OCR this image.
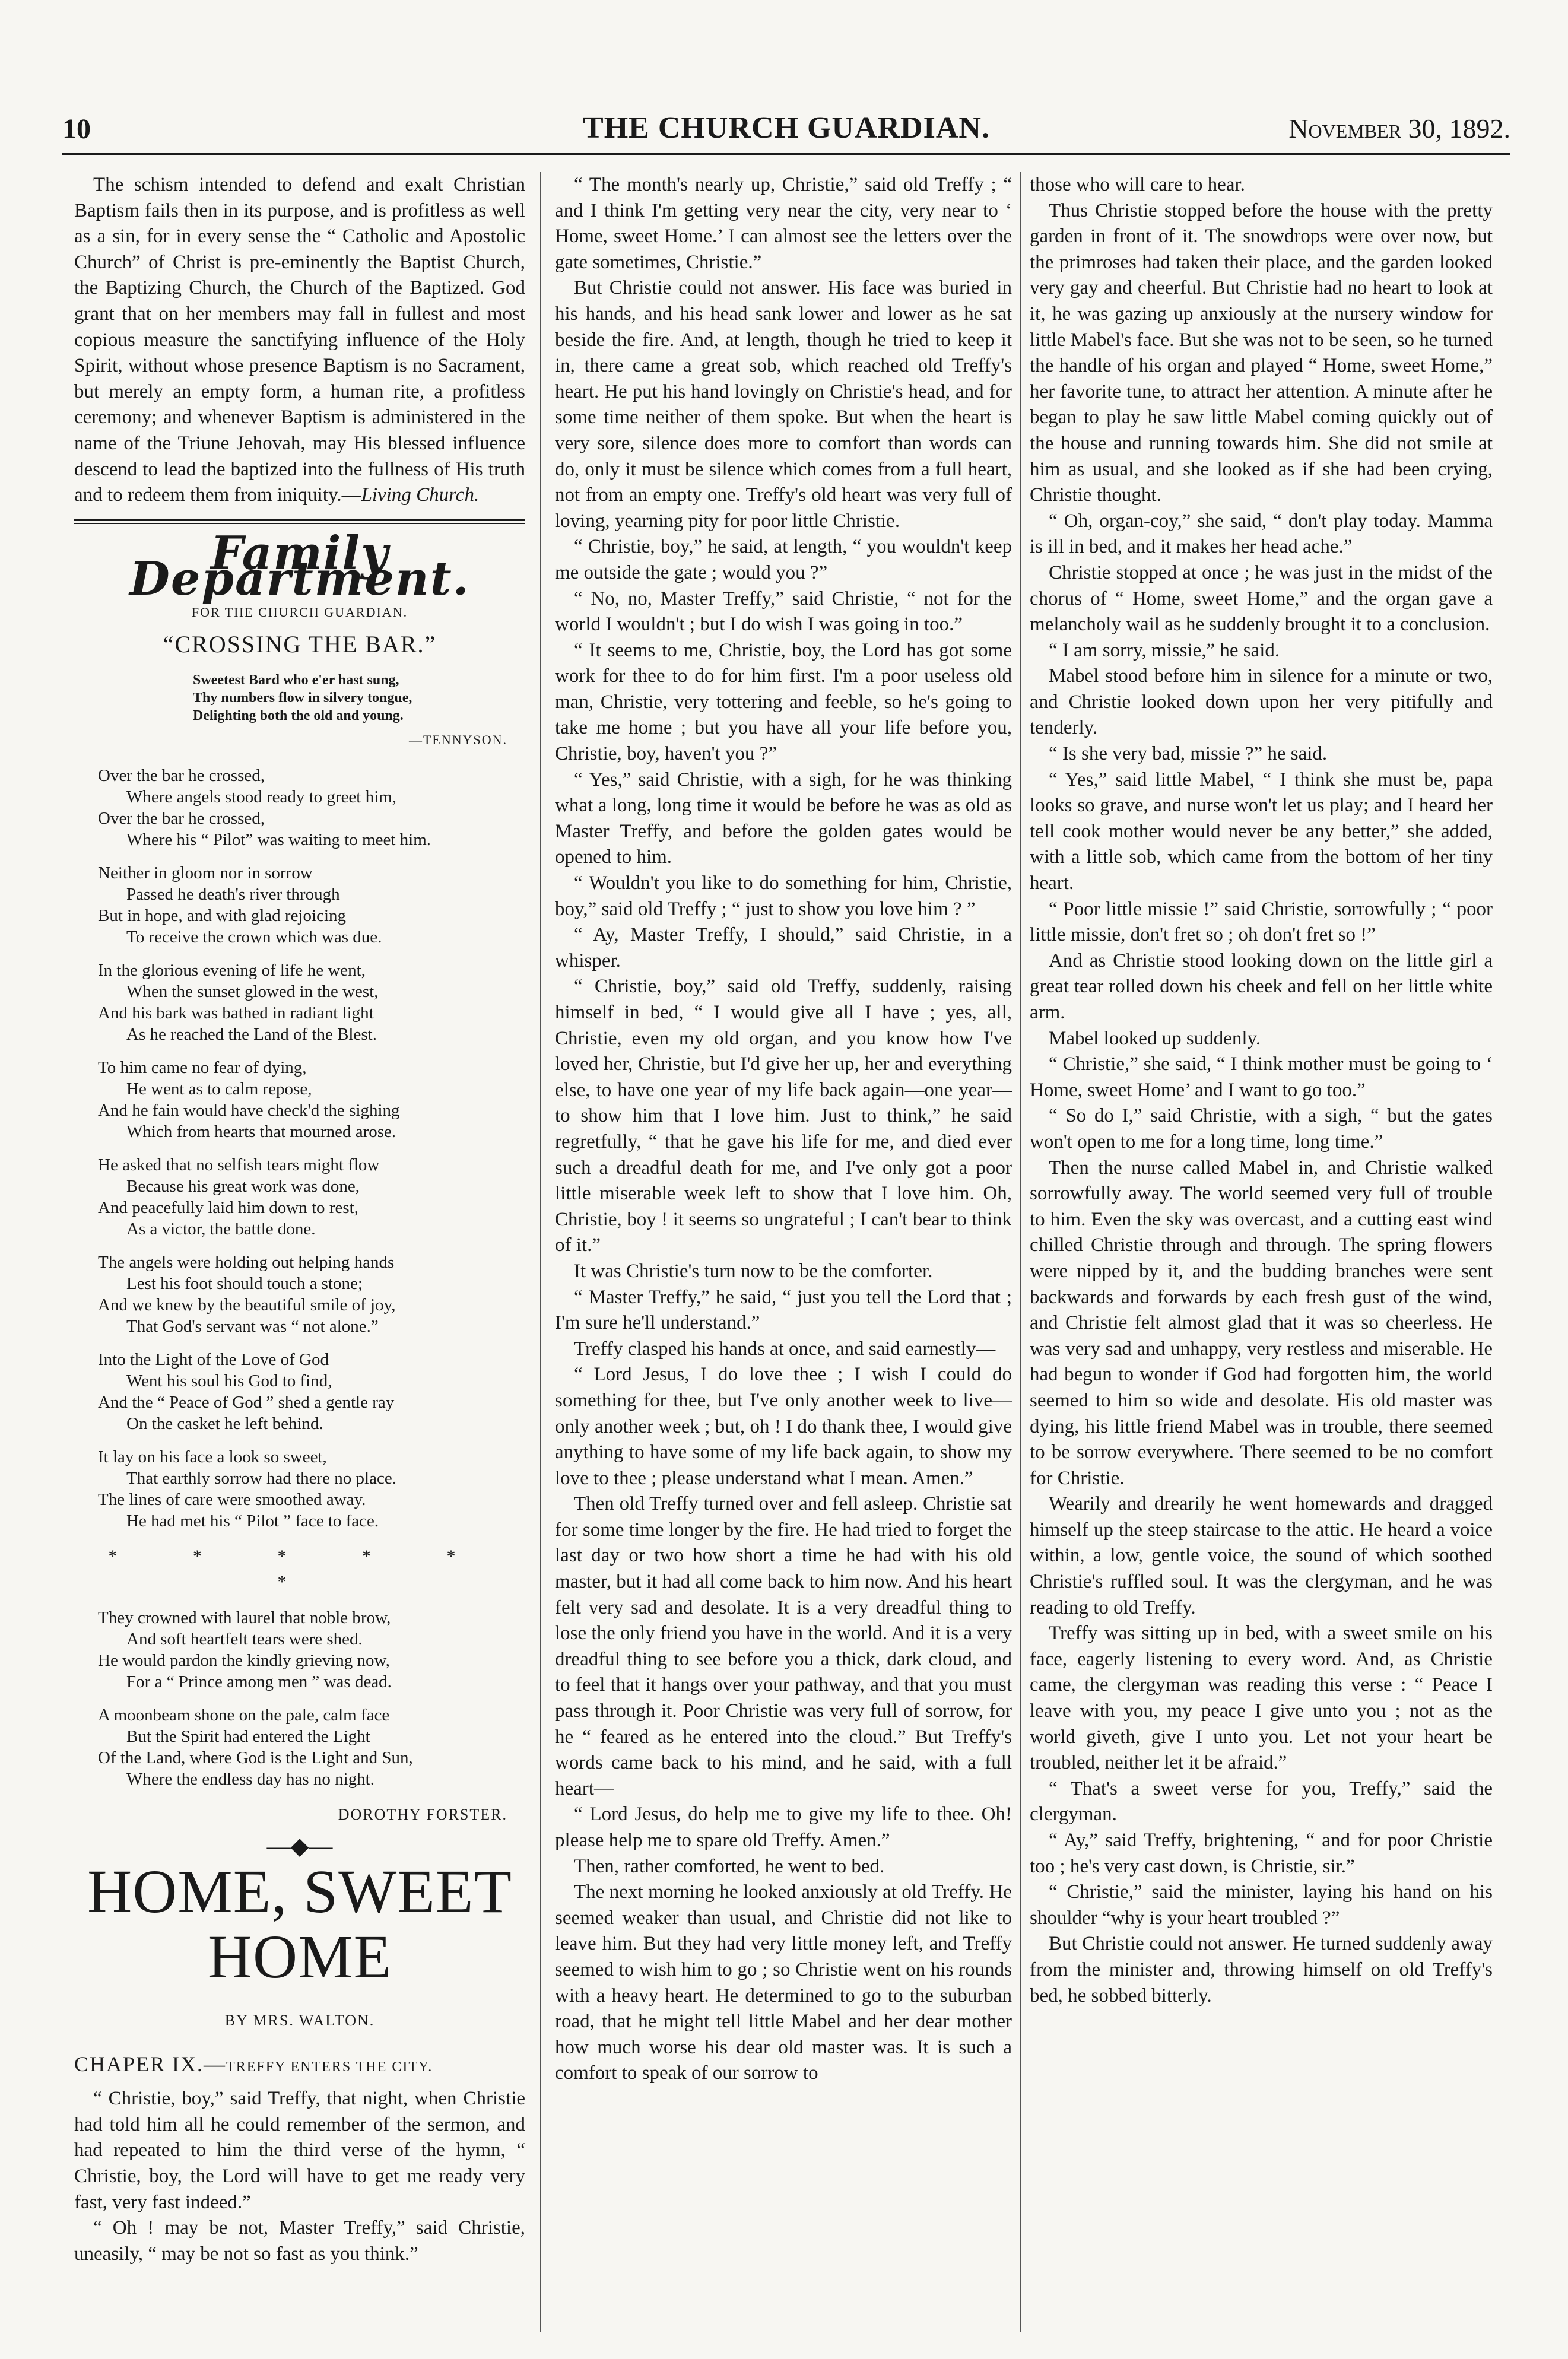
10	THE CHURCH GUARDIAN.	November 30, 1892.

The schism intended to defend and exalt Christian Baptism fails then in its purpose, and is profitless as well as a sin, for in every sense the “ Catholic and Apostolic Church” of Christ is pre-eminently the Baptist Church, the Baptizing Church, the Church of the Baptized. God grant that on her members may fall in fullest and most copious measure the sanctifying influence of the Holy Spirit, without whose presence Baptism is no Sacrament, but merely an empty form, a human rite, a profitless ceremony; and whenever Baptism is administered in the name of the Triune Jehovah, may His blessed influence descend to lead the baptized into the fullness of His truth and to redeem them from iniquity.—Living Church.

Family Department.
FOR THE CHURCH GUARDIAN.
“CROSSING THE BAR.”
Sweetest Bard who e'er hast sung,
Thy numbers flow in silvery tongue,
Delighting both the old and young.
—TENNYSON.
Over the bar he crossed,
Where angels stood ready to greet him,
Over the bar he crossed,
Where his “ Pilot” was waiting to meet him.
Neither in gloom nor in sorrow
Passed he death's river through
But in hope, and with glad rejoicing
To receive the crown which was due.
In the glorious evening of life he went,
When the sunset glowed in the west,
And his bark was bathed in radiant light
As he reached the Land of the Blest.
To him came no fear of dying,
He went as to calm repose,
And he fain would have check'd the sighing
Which from hearts that mourned arose.
He asked that no selfish tears might flow
Because his great work was done,
And peacefully laid him down to rest,
As a victor, the battle done.
The angels were holding out helping hands
Lest his foot should touch a stone;
And we knew by the beautiful smile of joy,
That God's servant was “ not alone.”
Into the Light of the Love of God
Went his soul his God to find,
And the “ Peace of God ” shed a gentle ray
On the casket he left behind.
It lay on his face a look so sweet,
That earthly sorrow had there no place.
The lines of care were smoothed away.
He had met his “ Pilot ” face to face.
* * * * * *
They crowned with laurel that noble brow,
And soft heartfelt tears were shed.
He would pardon the kindly grieving now,
For a “ Prince among men ” was dead.
A moonbeam shone on the pale, calm face
But the Spirit had entered the Light
Of the Land, where God is the Light and Sun,
Where the endless day has no night.
DOROTHY FORSTER.
—◆—
HOME, SWEET HOME
BY MRS. WALTON.
CHAPER IX.—TREFFY ENTERS THE CITY.

“ Christie, boy,” said Treffy, that night, when Christie had told him all he could remember of the sermon, and had repeated to him the third verse of the hymn, “ Christie, boy, the Lord will have to get me ready very fast, very fast indeed.”

“ Oh ! may be not, Master Treffy,” said Christie, uneasily, “ may be not so fast as you think.”

“ The month's nearly up, Christie,” said old Treffy ; “ and I think I'm getting very near the city, very near to ‘ Home, sweet Home.’ I can almost see the letters over the gate sometimes, Christie.”

But Christie could not answer. His face was buried in his hands, and his head sank lower and lower as he sat beside the fire. And, at length, though he tried to keep it in, there came a great sob, which reached old Treffy's heart. He put his hand lovingly on Christie's head, and for some time neither of them spoke. But when the heart is very sore, silence does more to comfort than words can do, only it must be silence which comes from a full heart, not from an empty one. Treffy's old heart was very full of loving, yearning pity for poor little Christie.

“ Christie, boy,” he said, at length, “ you wouldn't keep me outside the gate ; would you ?”

“ No, no, Master Treffy,” said Christie, “ not for the world I wouldn't ; but I do wish I was going in too.”

“ It seems to me, Christie, boy, the Lord has got some work for thee to do for him first. I'm a poor useless old man, Christie, very tottering and feeble, so he's going to take me home ; but you have all your life before you, Christie, boy, haven't you ?”

“ Yes,” said Christie, with a sigh, for he was thinking what a long, long time it would be before he was as old as Master Treffy, and before the golden gates would be opened to him.

“ Wouldn't you like to do something for him, Christie, boy,” said old Treffy ; “ just to show you love him ? ”

“ Ay, Master Treffy, I should,” said Christie, in a whisper.

“ Christie, boy,” said old Treffy, suddenly, raising himself in bed, “ I would give all I have ; yes, all, Christie, even my old organ, and you know how I've loved her, Christie, but I'd give her up, her and everything else, to have one year of my life back again—one year—to show him that I love him. Just to think,” he said regretfully, “ that he gave his life for me, and died ever such a dreadful death for me, and I've only got a poor little miserable week left to show that I love him. Oh, Christie, boy ! it seems so ungrateful ; I can't bear to think of it.”

It was Christie's turn now to be the comforter.

“ Master Treffy,” he said, “ just you tell the Lord that ; I'm sure he'll understand.”

Treffy clasped his hands at once, and said earnestly—

“ Lord Jesus, I do love thee ; I wish I could do something for thee, but I've only another week to live—only another week ; but, oh ! I do thank thee, I would give anything to have some of my life back again, to show my love to thee ; please understand what I mean. Amen.”

Then old Treffy turned over and fell asleep. Christie sat for some time longer by the fire. He had tried to forget the last day or two how short a time he had with his old master, but it had all come back to him now. And his heart felt very sad and desolate. It is a very dreadful thing to lose the only friend you have in the world. And it is a very dreadful thing to see before you a thick, dark cloud, and to feel that it hangs over your pathway, and that you must pass through it. Poor Christie was very full of sorrow, for he “ feared as he entered into the cloud.” But Treffy's words came back to his mind, and he said, with a full heart—

“ Lord Jesus, do help me to give my life to thee. Oh! please help me to spare old Treffy. Amen.”

Then, rather comforted, he went to bed.

The next morning he looked anxiously at old Treffy. He seemed weaker than usual, and Christie did not like to leave him. But they had very little money left, and Treffy seemed to wish him to go ; so Christie went on his rounds with a heavy heart. He determined to go to the suburban road, that he might tell little Mabel and her dear mother how much worse his dear old master was. It is such a comfort to speak of our sorrow to

those who will care to hear.

Thus Christie stopped before the house with the pretty garden in front of it. The snowdrops were over now, but the primroses had taken their place, and the garden looked very gay and cheerful. But Christie had no heart to look at it, he was gazing up anxiously at the nursery window for little Mabel's face. But she was not to be seen, so he turned the handle of his organ and played “ Home, sweet Home,” her favorite tune, to attract her attention. A minute after he began to play he saw little Mabel coming quickly out of the house and running towards him. She did not smile at him as usual, and she looked as if she had been crying, Christie thought.

“ Oh, organ-coy,” she said, “ don't play today. Mamma is ill in bed, and it makes her head ache.”

Christie stopped at once ; he was just in the midst of the chorus of “ Home, sweet Home,” and the organ gave a melancholy wail as he suddenly brought it to a conclusion.

“ I am sorry, missie,” he said.

Mabel stood before him in silence for a minute or two, and Christie looked down upon her very pitifully and tenderly.

“ Is she very bad, missie ?” he said.

“ Yes,” said little Mabel, “ I think she must be, papa looks so grave, and nurse won't let us play; and I heard her tell cook mother would never be any better,” she added, with a little sob, which came from the bottom of her tiny heart.

“ Poor little missie !” said Christie, sorrowfully ; “ poor little missie, don't fret so ; oh don't fret so !”

And as Christie stood looking down on the little girl a great tear rolled down his cheek and fell on her little white arm.

Mabel looked up suddenly.

“ Christie,” she said, “ I think mother must be going to ‘ Home, sweet Home’ and I want to go too.”

“ So do I,” said Christie, with a sigh, “ but the gates won't open to me for a long time, long time.”

Then the nurse called Mabel in, and Christie walked sorrowfully away. The world seemed very full of trouble to him. Even the sky was overcast, and a cutting east wind chilled Christie through and through. The spring flowers were nipped by it, and the budding branches were sent backwards and forwards by each fresh gust of the wind, and Christie felt almost glad that it was so cheerless. He was very sad and unhappy, very restless and miserable. He had begun to wonder if God had forgotten him, the world seemed to him so wide and desolate. His old master was dying, his little friend Mabel was in trouble, there seemed to be sorrow everywhere. There seemed to be no comfort for Christie.

Wearily and drearily he went homewards and dragged himself up the steep staircase to the attic. He heard a voice within, a low, gentle voice, the sound of which soothed Christie's ruffled soul. It was the clergyman, and he was reading to old Treffy.

Treffy was sitting up in bed, with a sweet smile on his face, eagerly listening to every word. And, as Christie came, the clergyman was reading this verse : “ Peace I leave with you, my peace I give unto you ; not as the world giveth, give I unto you. Let not your heart be troubled, neither let it be afraid.”

“ That's a sweet verse for you, Treffy,” said the clergyman.

“ Ay,” said Treffy, brightening, “ and for poor Christie too ; he's very cast down, is Christie, sir.”

“ Christie,” said the minister, laying his hand on his shoulder “why is your heart troubled ?”

But Christie could not answer. He turned suddenly away from the minister and, throwing himself on old Treffy's bed, he sobbed bitterly.
